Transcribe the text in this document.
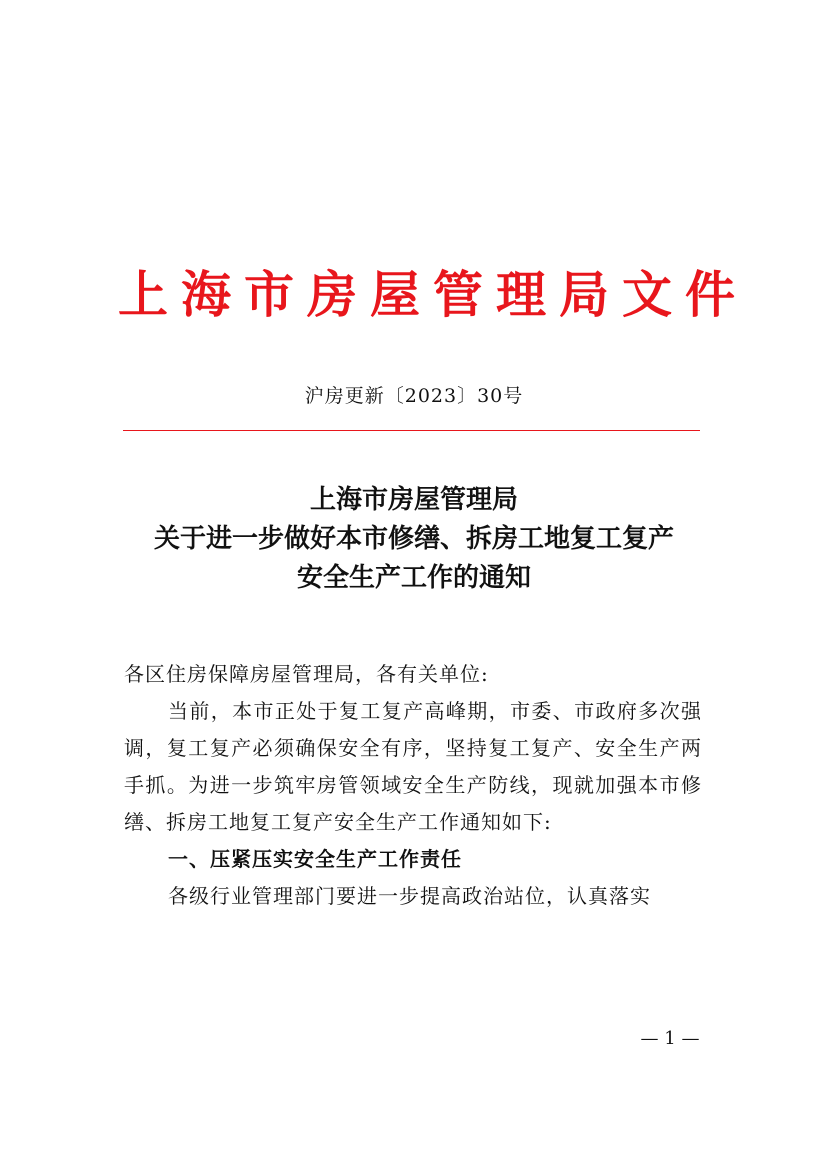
上海市房屋管理局文件
沪房更新〔2023〕30号
上海市房屋管理局
关于进一步做好本市修缮、拆房工地复工复产
安全生产工作的通知

各区住房保障房屋管理局，各有关单位:

当前，本市正处于复工复产高峰期，市委、市政府多次强调，复工复产必须确保安全有序，坚持复工复产、安全生产两手抓。为进一步筑牢房管领域安全生产防线，现就加强本市修缮、拆房工地复工复产安全生产工作通知如下:

一、压紧压实安全生产工作责任

各级行业管理部门要进一步提高政治站位，认真落实

— 1 —
